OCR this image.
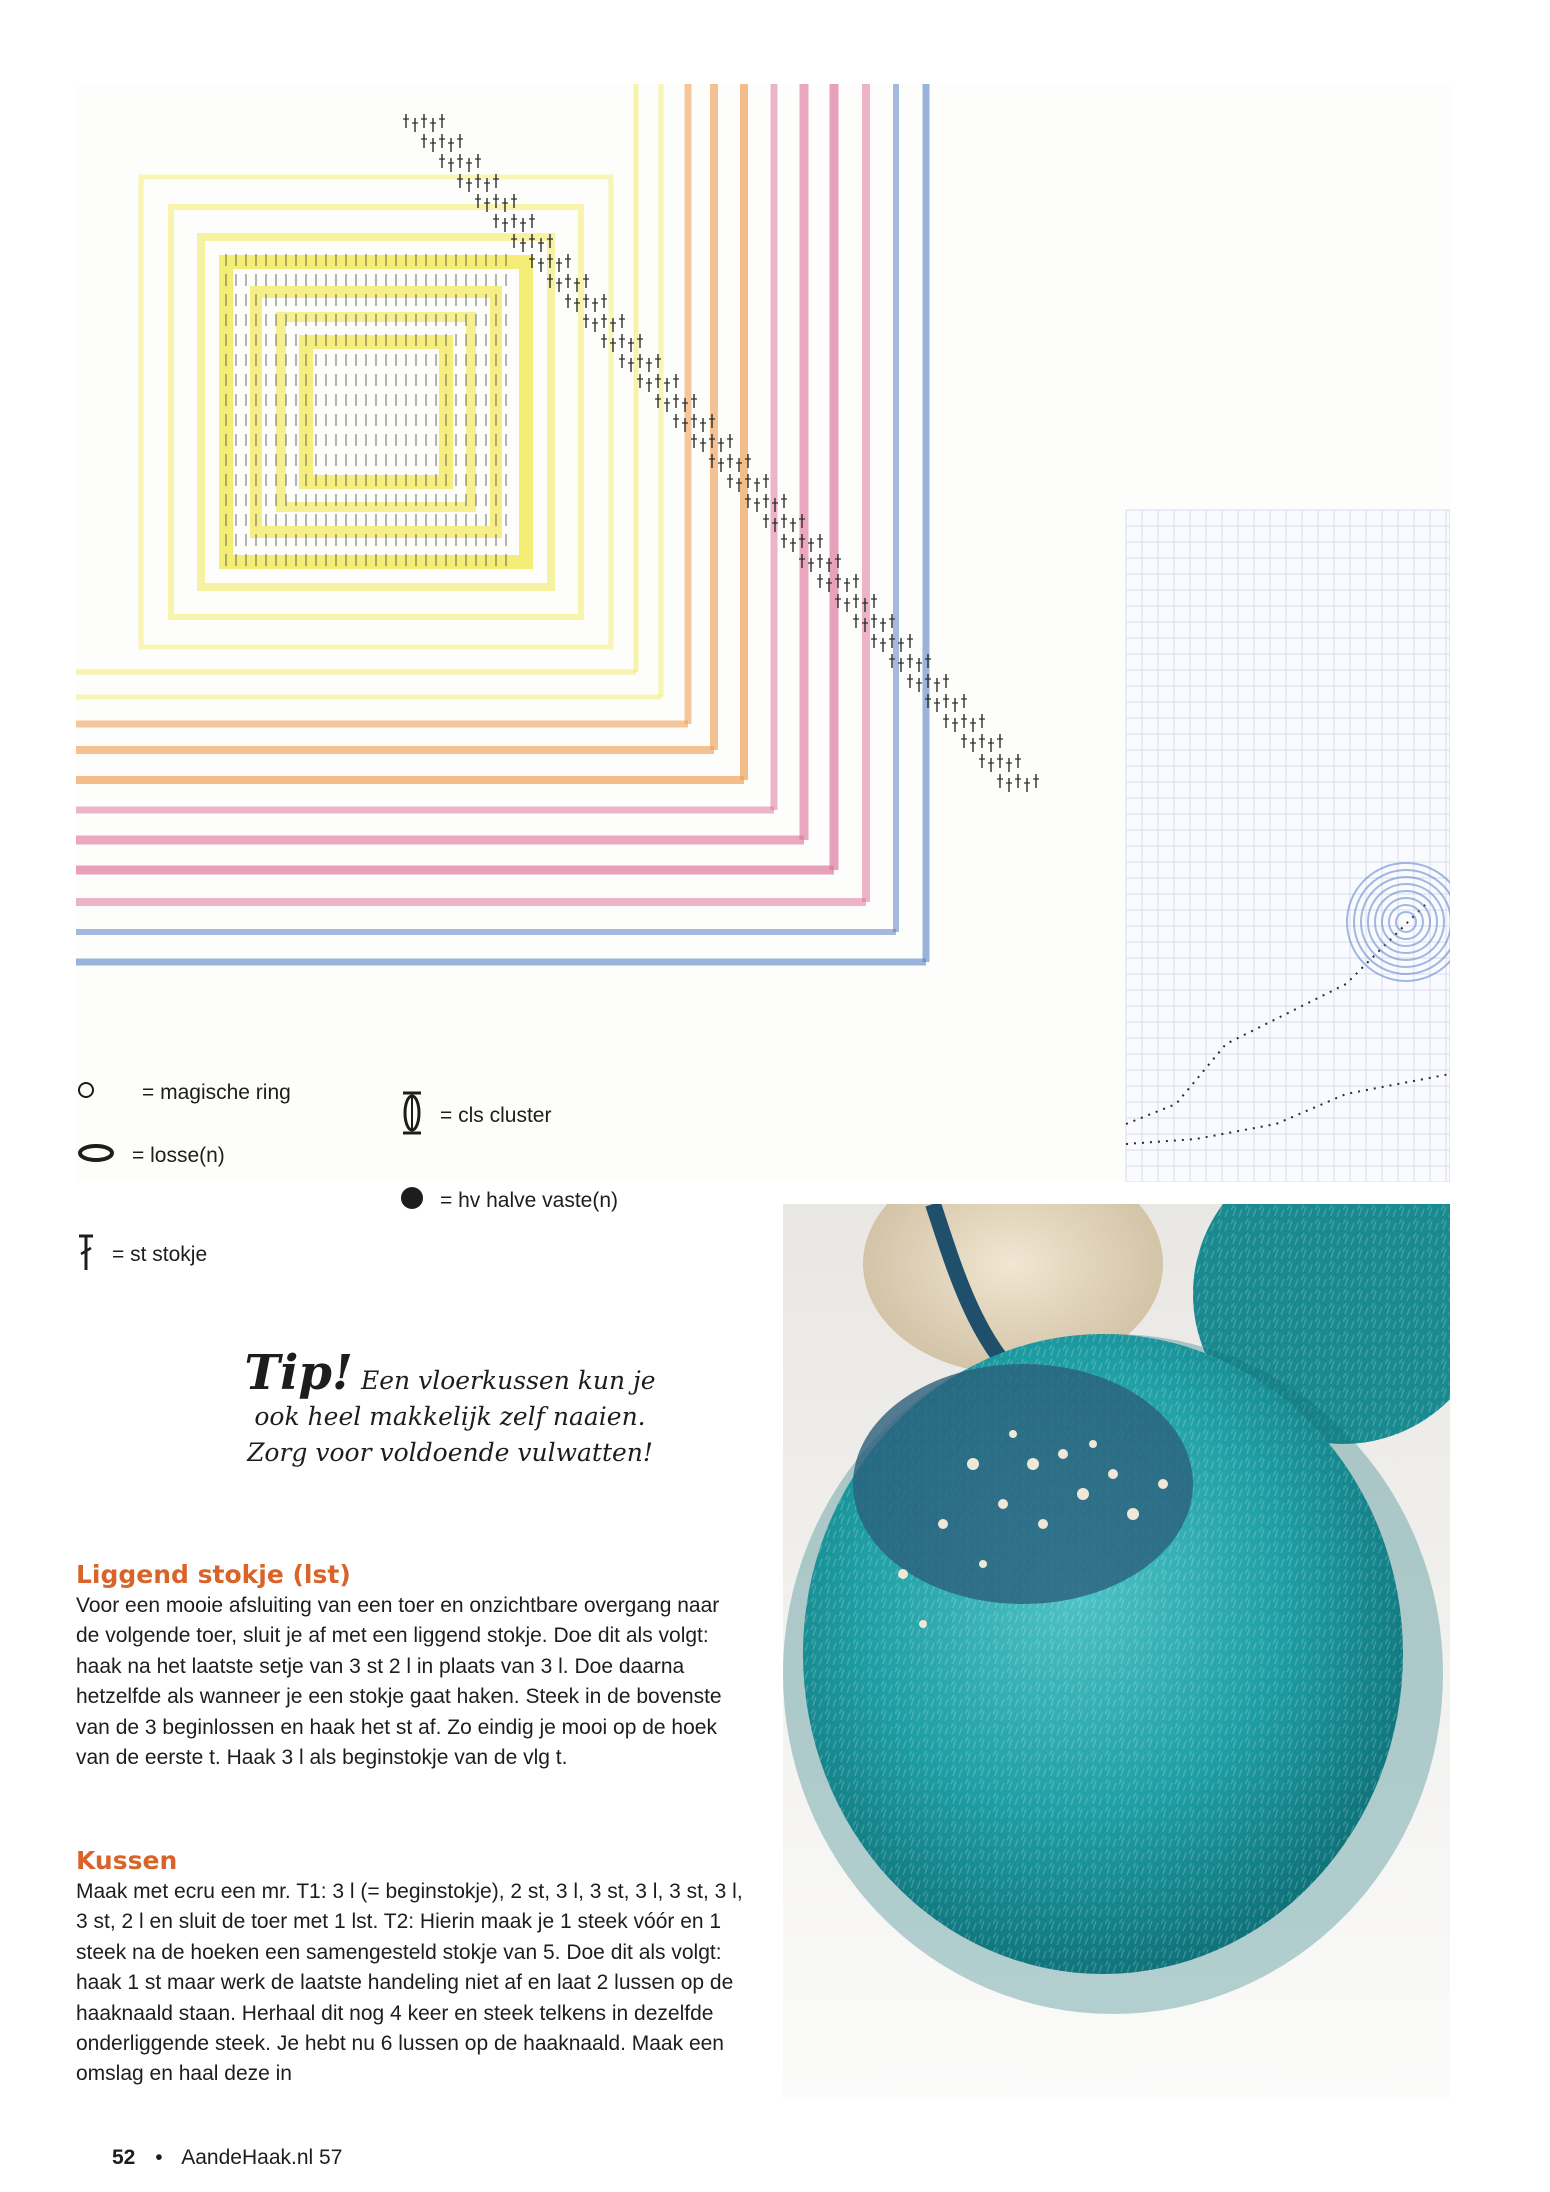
= magische ring
= losse(n)
= st stokje
= cls cluster
= hv halve vaste(n)
Tip! Een vloerkussen kun je
ook heel makkelijk zelf naaien.
Zorg voor voldoende vulwatten!
Liggend stokje (lst)

Voor een mooie afsluiting van een toer en onzichtbare overgang naar de volgende toer, sluit je af met een liggend stokje. Doe dit als volgt: haak na het laatste setje van 3 st 2 l in plaats van 3 l. Doe daarna hetzelfde als wanneer je een stokje gaat haken. Steek in de bovenste van de 3 beginlossen en haak het st af. Zo eindig je mooi op de hoek van de eerste t. Haak 3 l als beginstokje van de vlg t.

Kussen

Maak met ecru een mr. T1: 3 l (= beginstokje), 2 st, 3 l, 3 st, 3 l, 3 st, 3 l, 3 st, 2 l en sluit de toer met 1 lst. T2: Hierin maak je 1 steek vóór en 1 steek na de hoeken een samengesteld stokje van 5. Doe dit als volgt: haak 1 st maar werk de laatste handeling niet af en laat 2 lussen op de haaknaald staan. Herhaal dit nog 4 keer en steek telkens in dezelfde onderliggende steek. Je hebt nu 6 lussen op de haaknaald. Maak een omslag en haal deze in

52 • AandeHaak.nl 57
